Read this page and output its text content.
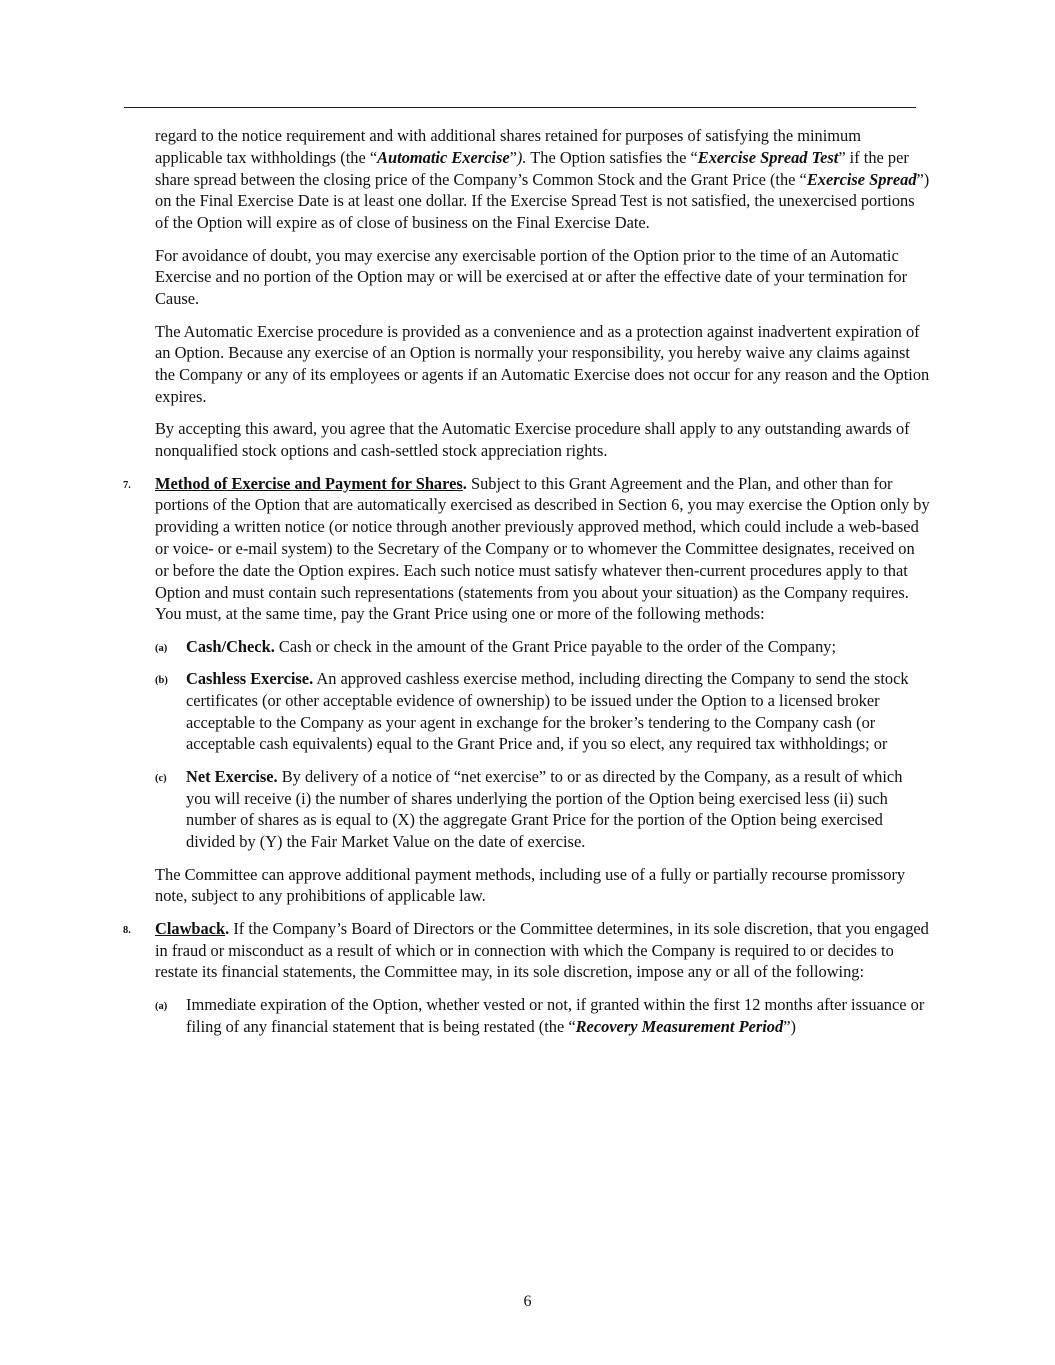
regard to the notice requirement and with additional shares retained for purposes of satisfying the minimum applicable tax withholdings (the “Automatic Exercise”). The Option satisfies the “Exercise Spread Test” if the per share spread between the closing price of the Company’s Common Stock and the Grant Price (the “Exercise Spread”) on the Final Exercise Date is at least one dollar. If the Exercise Spread Test is not satisfied, the unexercised portions of the Option will expire as of close of business on the Final Exercise Date.

For avoidance of doubt, you may exercise any exercisable portion of the Option prior to the time of an Automatic Exercise and no portion of the Option may or will be exercised at or after the effective date of your termination for Cause.

The Automatic Exercise procedure is provided as a convenience and as a protection against inadvertent expiration of an Option. Because any exercise of an Option is normally your responsibility, you hereby waive any claims against the Company or any of its employees or agents if an Automatic Exercise does not occur for any reason and the Option expires.

By accepting this award, you agree that the Automatic Exercise procedure shall apply to any outstanding awards of nonqualified stock options and cash-settled stock appreciation rights.

7. Method of Exercise and Payment for Shares. Subject to this Grant Agreement and the Plan, and other than for portions of the Option that are automatically exercised as described in Section 6, you may exercise the Option only by providing a written notice (or notice through another previously approved method, which could include a web-based or voice- or e-mail system) to the Secretary of the Company or to whomever the Committee designates, received on or before the date the Option expires. Each such notice must satisfy whatever then-current procedures apply to that Option and must contain such representations (statements from you about your situation) as the Company requires. You must, at the same time, pay the Grant Price using one or more of the following methods:
(a) Cash/Check. Cash or check in the amount of the Grant Price payable to the order of the Company;
(b) Cashless Exercise. An approved cashless exercise method, including directing the Company to send the stock certificates (or other acceptable evidence of ownership) to be issued under the Option to a licensed broker acceptable to the Company as your agent in exchange for the broker’s tendering to the Company cash (or acceptable cash equivalents) equal to the Grant Price and, if you so elect, any required tax withholdings; or
(c) Net Exercise. By delivery of a notice of “net exercise” to or as directed by the Company, as a result of which you will receive (i) the number of shares underlying the portion of the Option being exercised less (ii) such number of shares as is equal to (X) the aggregate Grant Price for the portion of the Option being exercised divided by (Y) the Fair Market Value on the date of exercise.

The Committee can approve additional payment methods, including use of a fully or partially recourse promissory note, subject to any prohibitions of applicable law.

8. Clawback. If the Company’s Board of Directors or the Committee determines, in its sole discretion, that you engaged in fraud or misconduct as a result of which or in connection with which the Company is required to or decides to restate its financial statements, the Committee may, in its sole discretion, impose any or all of the following:
(a) Immediate expiration of the Option, whether vested or not, if granted within the first 12 months after issuance or filing of any financial statement that is being restated (the “Recovery Measurement Period”)
6
